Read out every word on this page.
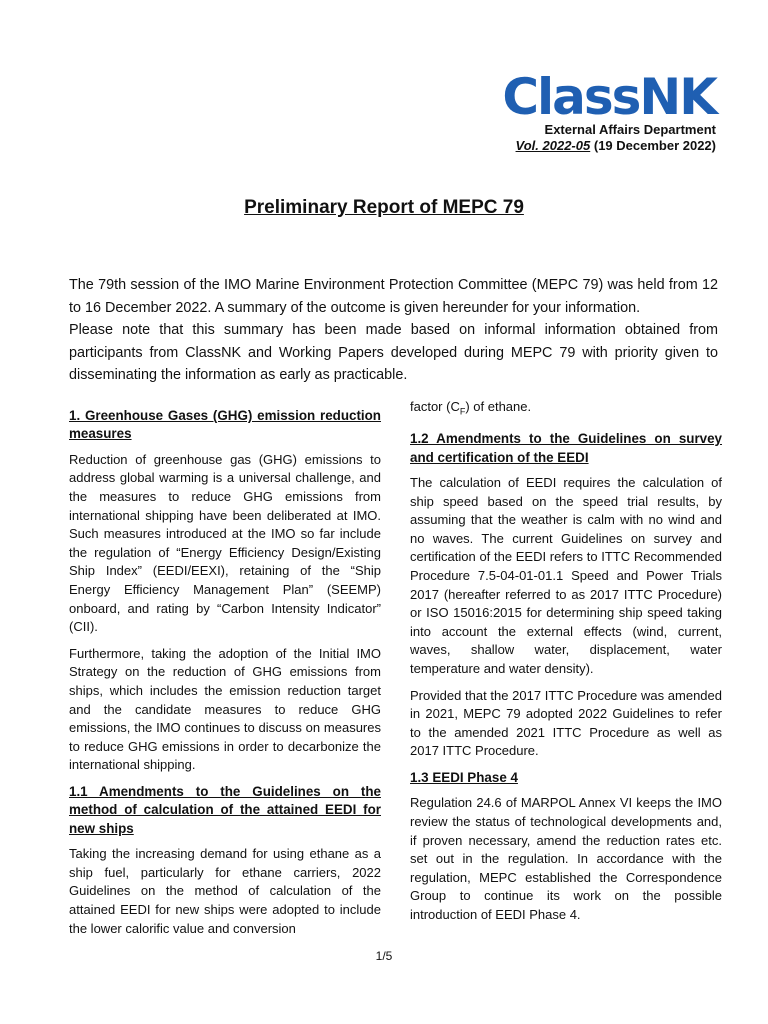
ClassNK
External Affairs Department
Vol. 2022-05 (19 December 2022)
Preliminary Report of MEPC 79

The 79th session of the IMO Marine Environment Protection Committee (MEPC 79) was held from 12 to 16 December 2022. A summary of the outcome is given hereunder for your information.

Please note that this summary has been made based on informal information obtained from participants from ClassNK and Working Papers developed during MEPC 79 with priority given to disseminating the information as early as practicable.

1. Greenhouse Gases (GHG) emission reduction measures

Reduction of greenhouse gas (GHG) emissions to address global warming is a universal challenge, and the measures to reduce GHG emissions from international shipping have been deliberated at IMO. Such measures introduced at the IMO so far include the regulation of “Energy Efficiency Design/Existing Ship Index” (EEDI/EEXI), retaining of the “Ship Energy Efficiency Management Plan” (SEEMP) onboard, and rating by “Carbon Intensity Indicator” (CII).

Furthermore, taking the adoption of the Initial IMO Strategy on the reduction of GHG emissions from ships, which includes the emission reduction target and the candidate measures to reduce GHG emissions, the IMO continues to discuss on measures to reduce GHG emissions in order to decarbonize the international shipping.

1.1 Amendments to the Guidelines on the method of calculation of the attained EEDI for new ships

Taking the increasing demand for using ethane as a ship fuel, particularly for ethane carriers, 2022 Guidelines on the method of calculation of the attained EEDI for new ships were adopted to include the lower calorific value and conversion

factor $(C_F)$ of ethane.

1.2 Amendments to the Guidelines on survey and certification of the EEDI

The calculation of EEDI requires the calculation of ship speed based on the speed trial results, by assuming that the weather is calm with no wind and no waves. The current Guidelines on survey and certification of the EEDI refers to ITTC Recommended Procedure 7.5-04-01-01.1 Speed and Power Trials 2017 (hereafter referred to as 2017 ITTC Procedure) or ISO 15016:2015 for determining ship speed taking into account the external effects (wind, current, waves, shallow water, displacement, water temperature and water density).

Provided that the 2017 ITTC Procedure was amended in 2021, MEPC 79 adopted 2022 Guidelines to refer to the amended 2021 ITTC Procedure as well as 2017 ITTC Procedure.

1.3 EEDI Phase 4

Regulation 24.6 of MARPOL Annex VI keeps the IMO review the status of technological developments and, if proven necessary, amend the reduction rates etc. set out in the regulation. In accordance with the regulation, MEPC established the Correspondence Group to continue its work on the possible introduction of EEDI Phase 4.

1/5
